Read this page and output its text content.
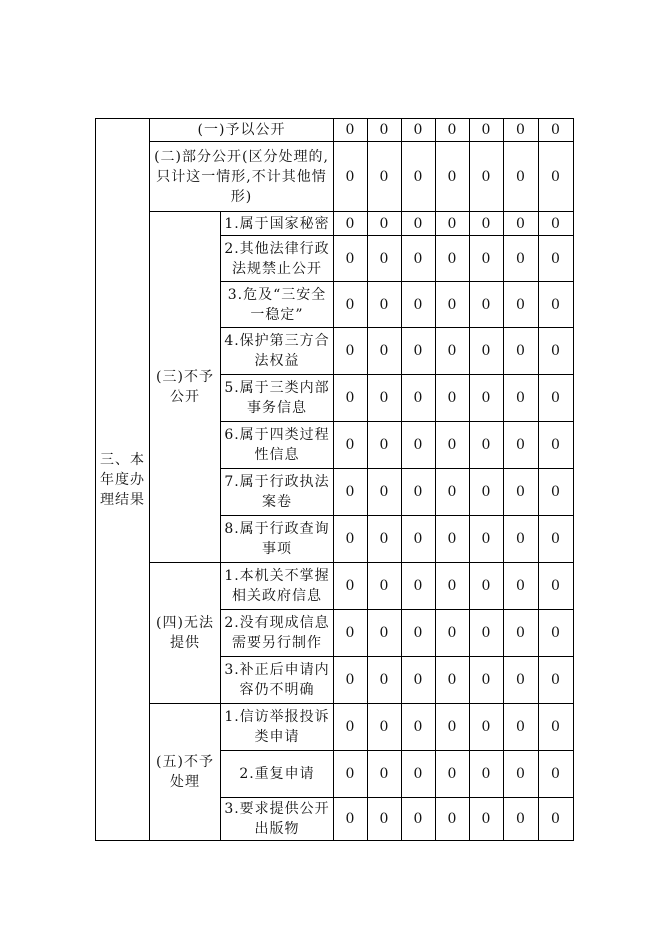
三、本
年度办
理结果	(一)予以公开		0	0	0	0	0	0	0
	(二)部分公开(区分处理的,只计这一情形,不计其他情形)		0	0	0	0	0	0	0
	(三)不予公开	1.属于国家秘密	0	0	0	0	0	0	0
		2.其他法律行政法规禁止公开	0	0	0	0	0	0	0
		3.危及“三安全一稳定”	0	0	0	0	0	0	0
		4.保护第三方合法权益	0	0	0	0	0	0	0
		5.属于三类内部事务信息	0	0	0	0	0	0	0
		6.属于四类过程性信息	0	0	0	0	0	0	0
		7.属于行政执法案卷	0	0	0	0	0	0	0
		8.属于行政查询事项	0	0	0	0	0	0	0
	(四)无法提供	1.本机关不掌握相关政府信息	0	0	0	0	0	0	0
		2.没有现成信息需要另行制作	0	0	0	0	0	0	0
		3.补正后申请内容仍不明确	0	0	0	0	0	0	0
	(五)不予处理	1.信访举报投诉类申请	0	0	0	0	0	0	0
		2.重复申请	0	0	0	0	0	0	0
		3.要求提供公开出版物	0	0	0	0	0	0	0
